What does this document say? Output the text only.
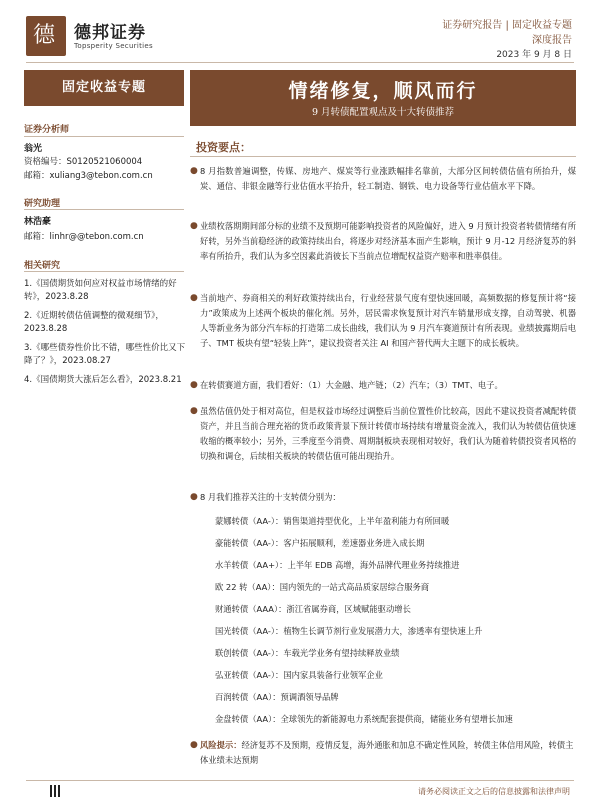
德 德邦证券
Topsperity Securities
证券研究报告 | 固定收益专题
深度报告
2023 年 9 月 8 日
固定收益专题
证券分析师
翁光
资格编号：S0120521060004
邮箱：xuliang3@tebon.com.cn
研究助理
林浩豪
邮箱：linhr@@tebon.com.cn
相关研究
1.《国债期货如何应对权益市场情绪的好转》，2023.8.28
2.《近期转债估值调整的微观细节》，2023.8.28
3.《哪些债券性价比不错，哪些性价比又下降了？》，2023.08.27
4.《国债期货大涨后怎么看》，2023.8.21
情绪修复，顺风而行
9 月转债配置观点及十大转债推荐
投资要点：
● 8 月指数普遍调整，传媒、房地产、煤炭等行业涨跌幅排名靠前，大部分区间转债估值有所抬升，煤炭、通信、非银金融等行业估值水平抬升，轻工制造、钢铁、电力设备等行业估值水平下降。
● 业绩枚落期期间部分标的业绩不及预期可能影响投资者的风险偏好，进入 9 月预计投资者转债情绪有所好转，另外当前稳经济的政策持续出台，将逐步对经济基本面产生影响，预计 9 月-12 月经济复苏的斜率有所抬升，我们认为多空因素此消彼长下当前点位增配权益资产赔率和胜率俱佳。
● 当前地产、券商相关的利好政策持续出台，行业经营景气度有望快速回暖，高频数据的修复预计将“接力”政策成为上述两个板块的催化剂。另外，居民需求恢复预计对汽车销量形成支撑，自动驾驶、机器人等新业务为部分汽车标的打造第二成长曲线，我们认为 9 月汽车赛道预计有所表现。业绩披露期后电子、TMT 板块有望“轻装上阵”，建议投资者关注 AI 和国产替代两大主题下的成长板块。
● 在转债赛道方面，我们看好：（1）大金融、地产链；（2）汽车；（3）TMT、电子。
● 虽然估值仍处于相对高位，但是权益市场经过调整后当前位置性价比较高，因此不建议投资者减配转债资产，并且当前合理充裕的货币政策背景下预计转债市场持续有增量资金流入，我们认为转债估值快速收缩的概率较小；另外，三季度至今消费、周期制板块表现相对较好，我们认为随着转债投资者风格的切换和调仓，后续相关板块的转债估值可能出现抬升。
● 8 月我们推荐关注的十支转债分别为：
蒙娜转债（AA-）：销售渠道持型优化，上半年盈利能力有所回暖
豪能转债（AA-）：客户拓展顺利，差速器业务进入成长期
水羊转债（AA+）：上半年 EDB 高增，海外品牌代理业务持续推进
欧 22 转（AA）：国内领先的一站式高品质家居综合服务商
财通转债（AAA）：浙江省属券商，区域赋能驱动增长
国光转债（AA-）：植物生长调节剂行业发展潜力大，渗透率有望快速上升
联创转债（AA-）：车载光学业务有望持续释放业绩
弘亚转债（AA-）：国内家具装备行业领军企业
百润转债（AA）：预调酒领导品牌
金盘转债（AA）：全球领先的新能源电力系统配套提供商，储能业务有望增长加速
● 风险提示：经济复苏不及预期，疫情反复，海外通胀和加息不确定性风险，转债主体信用风险，转债主体业绩未达预期
请务必阅读正文之后的信息披露和法律声明
